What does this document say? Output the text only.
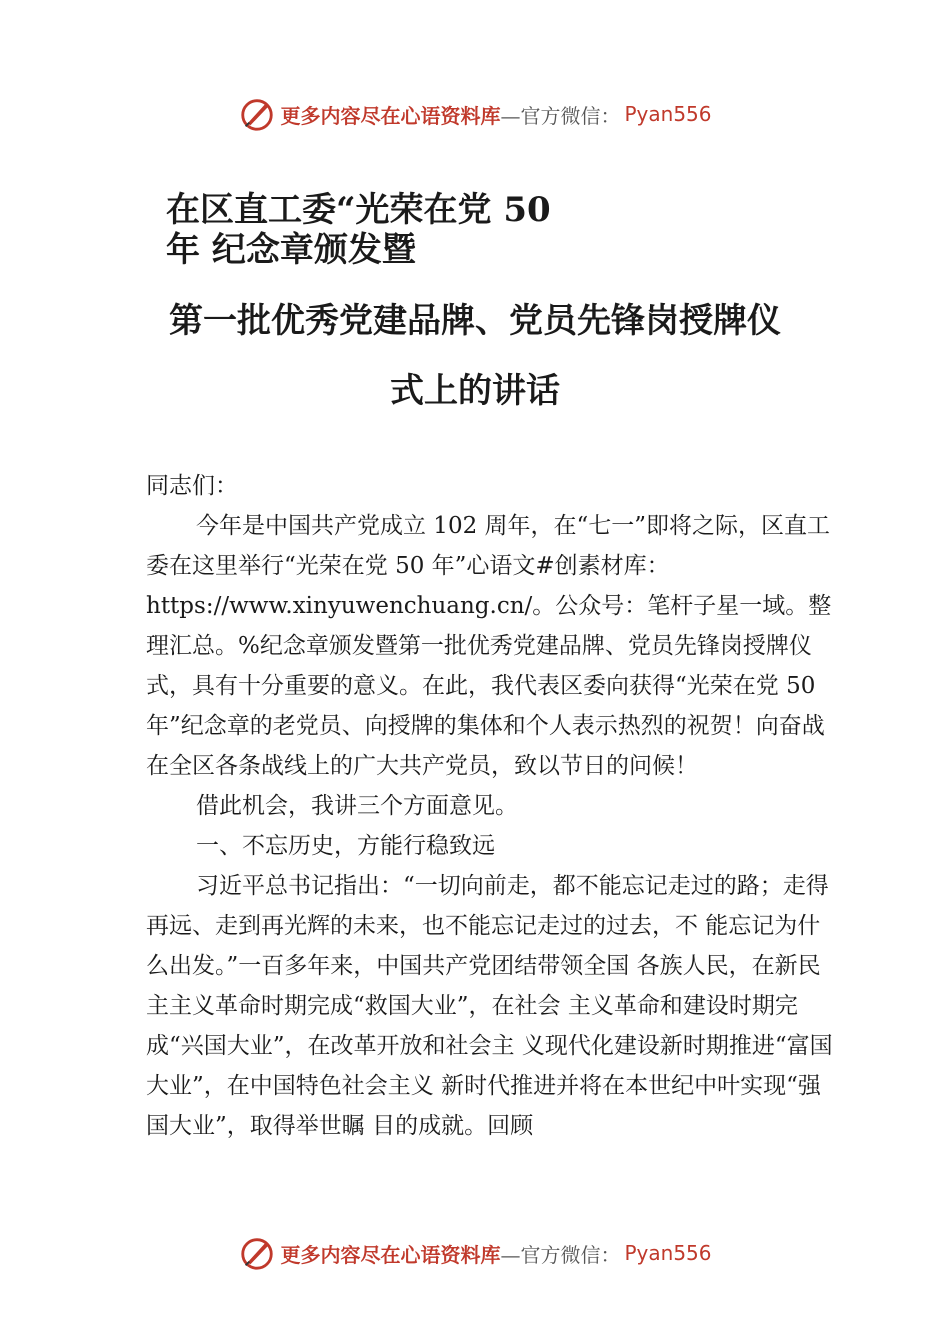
更多内容尽在心语资料库 —官方微信： Pyan556
在区直工委“光荣在党 50 年 纪念章颁发暨
第一批优秀党建品牌、党员先锋岗授牌仪
式上的讲话

同志们：

今年是中国共产党成立 102 周年，在“七一”即将之际，区直工委在这里举行“光荣在党 50 年”心语文#创素材库：https://www.xinyuwenchuang.cn/。公众号：笔杆子星一域。整理汇总。%纪念章颁发暨第一批优秀党建品牌、党员先锋岗授牌仪式，具有十分重要的意义。在此，我代表区委向获得“光荣在党 50 年”纪念章的老党员、向授牌的集体和个人表示热烈的祝贺！向奋战在全区各条战线上的广大共产党员，致以节日的问候！

借此机会，我讲三个方面意见。

一、不忘历史，方能行稳致远

习近平总书记指出：“一切向前走，都不能忘记走过的路；走得再远、走到再光辉的未来，也不能忘记走过的过去，不 能忘记为什么出发。”一百多年来，中国共产党团结带领全国 各族人民，在新民主主义革命时期完成“救国大业”，在社会 主义革命和建设时期完成“兴国大业”，在改革开放和社会主 义现代化建设新时期推进“富国大业”，在中国特色社会主义 新时代推进并将在本世纪中叶实现“强国大业”，取得举世瞩 目的成就。回顾

更多内容尽在心语资料库 —官方微信： Pyan556
